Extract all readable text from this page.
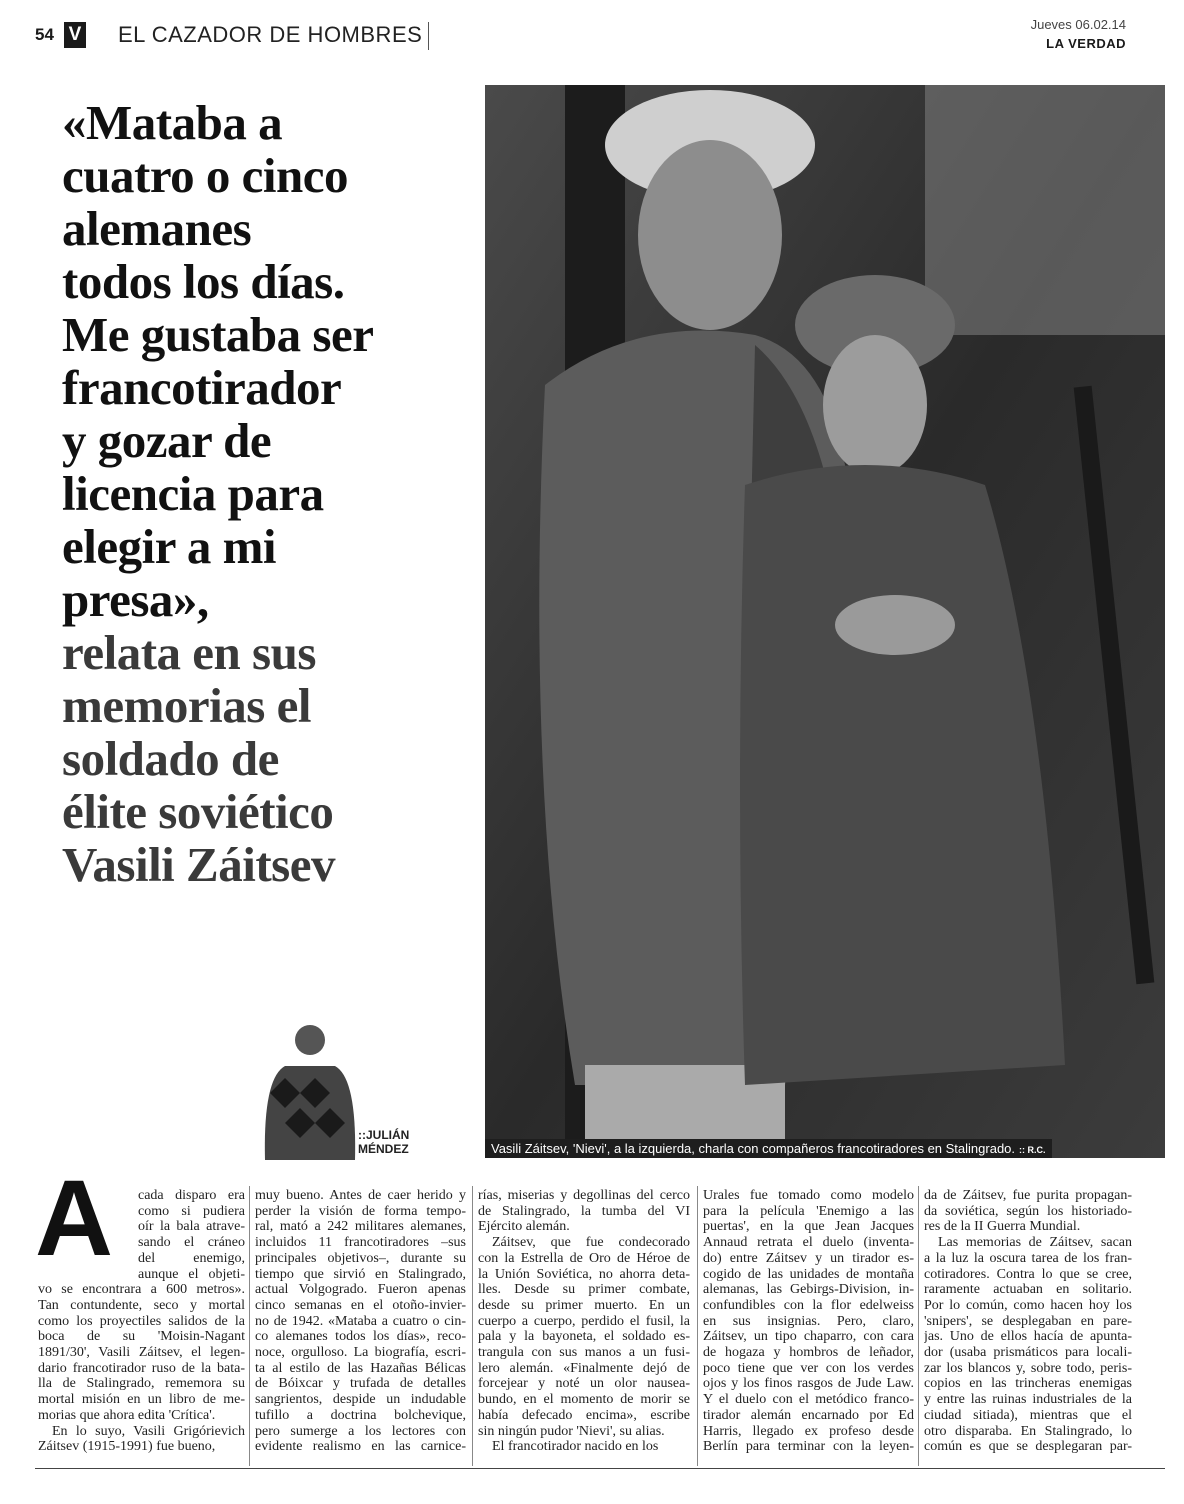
54 V EL CAZADOR DE HOMBRES	Jueves 06.02.14
LA VERDAD
«Mataba a
cuatro o cinco
alemanes
todos los días.
Me gustaba ser
francotirador
y gozar de
licencia para
elegir a mi
presa»,
relata en sus
memorias el
soldado de
élite soviético
Vasili Záitsev
Vasili Záitsev, 'Nievi', a la izquierda, charla con compañeros francotiradores en Stalingrado. :: R.C.
::JULIÁN
MÉNDEZ
A	cada disparo era
como si pudiera
oír la bala atrave-
sando el cráneo
del enemigo,
aunque el objeti-
vo se encontrara a 600 metros».
Tan contundente, seco y mortal
como los proyectiles salidos de la
boca de su 'Moisin-Nagant
1891/30', Vasili Záitsev, el legen-
dario francotirador ruso de la bata-
lla de Stalingrado, rememora su
mortal misión en un libro de me-
morias que ahora edita 'Crítica'.
En lo suyo, Vasili Grigórievich
Záitsev (1915-1991) fue bueno,
muy bueno. Antes de caer herido y
perder la visión de forma tempo-
ral, mató a 242 militares alemanes,
incluidos 11 francotiradores –sus
principales objetivos–, durante su
tiempo que sirvió en Stalingrado,
actual Volgogrado. Fueron apenas
cinco semanas en el otoño-invier-
no de 1942. «Mataba a cuatro o cin-
co alemanes todos los días», reco-
noce, orgulloso. La biografía, escri-
ta al estilo de las Hazañas Bélicas
de Bóixcar y trufada de detalles
sangrientos, despide un indudable
tufillo a doctrina bolchevique,
pero sumerge a los lectores con
evidente realismo en las carnice-
rías, miserias y degollinas del cerco
de Stalingrado, la tumba del VI
Ejército alemán.
Záitsev, que fue condecorado
con la Estrella de Oro de Héroe de
la Unión Soviética, no ahorra deta-
lles. Desde su primer combate,
desde su primer muerto. En un
cuerpo a cuerpo, perdido el fusil, la
pala y la bayoneta, el soldado es-
trangula con sus manos a un fusi-
lero alemán. «Finalmente dejó de
forcejear y noté un olor nausea-
bundo, en el momento de morir se
había defecado encima», escribe
sin ningún pudor 'Nievi', su alias.
El francotirador nacido en los
Urales fue tomado como modelo
para la película 'Enemigo a las
puertas', en la que Jean Jacques
Annaud retrata el duelo (inventa-
do) entre Záitsev y un tirador es-
cogido de las unidades de montaña
alemanas, las Gebirgs-Division, in-
confundibles con la flor edelweiss
en sus insignias. Pero, claro,
Záitsev, un tipo chaparro, con cara
de hogaza y hombros de leñador,
poco tiene que ver con los verdes
ojos y los finos rasgos de Jude Law.
Y el duelo con el metódico franco-
tirador alemán encarnado por Ed
Harris, llegado ex profeso desde
Berlín para terminar con la leyen-
da de Záitsev, fue purita propagan-
da soviética, según los historiado-
res de la II Guerra Mundial.
Las memorias de Záitsev, sacan
a la luz la oscura tarea de los fran-
cotiradores. Contra lo que se cree,
raramente actuaban en solitario.
Por lo común, como hacen hoy los
'snipers', se desplegaban en pare-
jas. Uno de ellos hacía de apunta-
dor (usaba prismáticos para locali-
zar los blancos y, sobre todo, peris-
copios en las trincheras enemigas
y entre las ruinas industriales de la
ciudad sitiada), mientras que el
otro disparaba. En Stalingrado, lo
común es que se desplegaran par-
